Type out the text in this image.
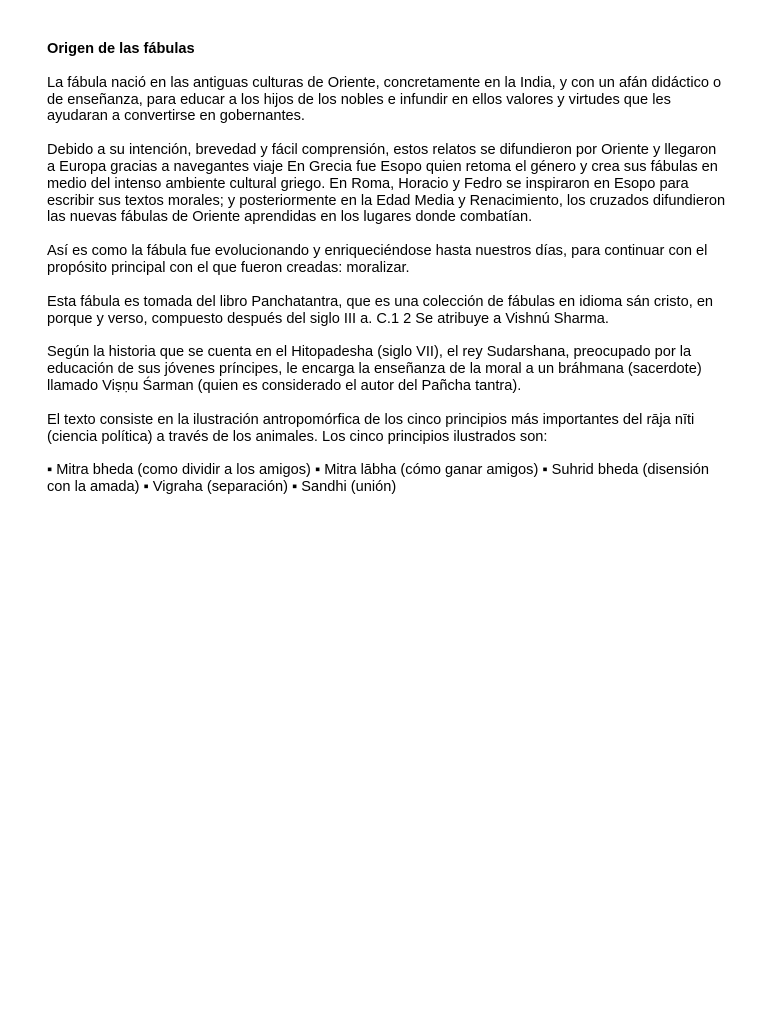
Origen de las fábulas
La fábula nació en las antiguas culturas de Oriente, concretamente en la India, y con un afán didáctico o de enseñanza, para educar a los hijos de los nobles e infundir en ellos valores y virtudes que les ayudaran a convertirse en gobernantes.
Debido a su intención, brevedad y fácil comprensión, estos relatos se difundieron por Oriente y llegaron a Europa gracias a navegantes viaje En Grecia fue Esopo quien retoma el género y crea sus fábulas en medio del intenso ambiente cultural griego. En Roma, Horacio y Fedro se inspiraron en Esopo para escribir sus textos morales; y posteriormente en la Edad Media y Renacimiento, los cruzados difundieron las nuevas fábulas de Oriente aprendidas en los lugares donde combatían.
Así es como la fábula fue evolucionando y enriqueciéndose hasta nuestros días, para continuar con el propósito principal con el que fueron creadas: moralizar.
Esta fábula es tomada del libro Panchatantra, que es una colección de fábulas en idioma sán cristo, en porque y verso, compuesto después del siglo III a. C.1 2 Se atribuye a Vishnú Sharma.
Según la historia que se cuenta en el Hitopadesha (siglo VII), el rey Sudarshana, preocupado por la educación de sus jóvenes príncipes, le encarga la enseñanza de la moral a un bráhmana (sacerdote) llamado Viṣṇu Śarman (quien es considerado el autor del Pañcha tantra).
El texto consiste en la ilustración antropomórfica de los cinco principios más importantes del rāja nīti (ciencia política) a través de los animales. Los cinco principios ilustrados son:
▪ Mitra bheda (como dividir a los amigos) ▪ Mitra lābha (cómo ganar amigos) ▪ Suhrid bheda (disensión con la amada) ▪ Vigraha (separación) ▪ Sandhi (unión)
